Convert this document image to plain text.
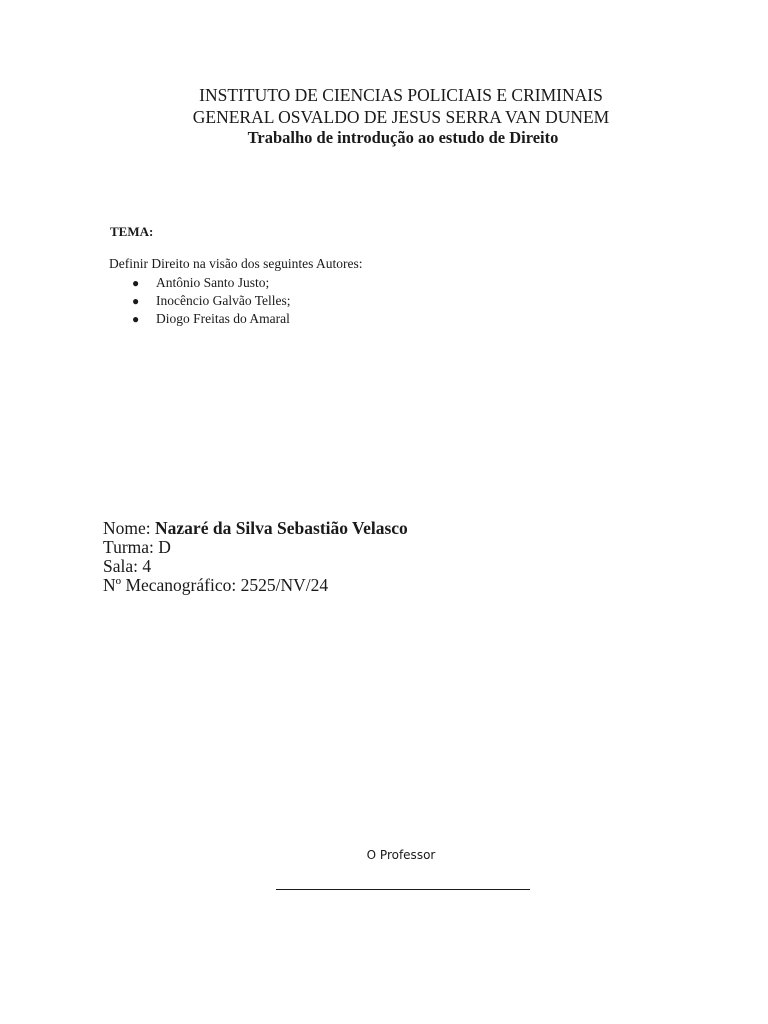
INSTITUTO DE CIENCIAS POLICIAIS E CRIMINAIS
GENERAL OSVALDO DE JESUS SERRA VAN DUNEM
Trabalho de introdução ao estudo de Direito
TEMA:
Definir Direito na visão dos seguintes Autores:
● Antônio Santo Justo;
● Inocêncio Galvão Telles;
● Diogo Freitas do Amaral
Nome: Nazaré da Silva Sebastião Velasco
Turma: D
Sala: 4
Nº Mecanográfico: 2525/NV/24
O Professor
